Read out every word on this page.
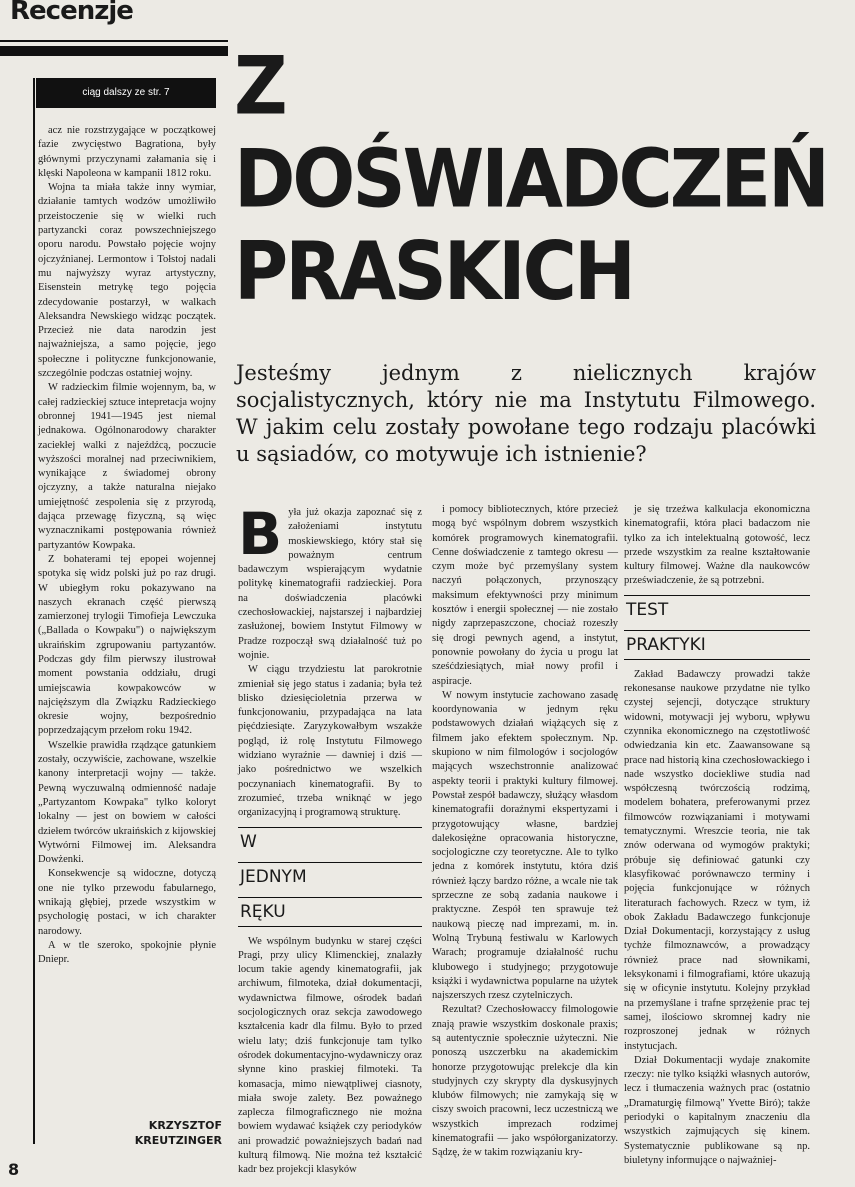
Recenzje
ciąg dalszy ze str. 7

acz nie rozstrzygające w początkowej fazie zwycięstwo Bagrationa, były głównymi przyczynami załamania się i klęski Napoleona w kampanii 1812 roku.

Wojna ta miała także inny wymiar, działanie tamtych wodzów umożliwiło przeistoczenie się w wielki ruch partyzancki coraz powszechniejszego oporu narodu. Powstało pojęcie wojny ojczyźnianej. Lermontow i Tołstoj nadali mu najwyższy wyraz artystyczny, Eisenstein metrykę tego pojęcia zdecydowanie postarzył, w walkach Aleksandra Newskiego widząc początek. Przecież nie data narodzin jest najważniejsza, a samo pojęcie, jego społeczne i polityczne funkcjonowanie, szczególnie podczas ostatniej wojny.

W radzieckim filmie wojennym, ba, w całej radzieckiej sztuce intepretacja wojny obronnej 1941—1945 jest niemal jednakowa. Ogólnonarodowy charakter zaciekłej walki z najeźdźcą, poczucie wyższości moralnej nad przeciwnikiem, wynikające z świadomej obrony ojczyzny, a także naturalna niejako umiejętność zespolenia się z przyrodą, dająca przewagę fizyczną, są więc wyznacznikami postępowania również partyzantów Kowpaka.

Z bohaterami tej epopei wojennej spotyka się widz polski już po raz drugi. W ubiegłym roku pokazywano na naszych ekranach część pierwszą zamierzonej trylogii Timofieja Lewczuka („Ballada o Kowpaku") o największym ukraińskim zgrupowaniu partyzantów. Podczas gdy film pierwszy ilustrował moment powstania oddziału, drugi umiejscawia kowpakowców w najcięższym dla Związku Radzieckiego okresie wojny, bezpośrednio poprzedzającym przełom roku 1942.

Wszelkie prawidła rządzące gatunkiem zostały, oczywiście, zachowane, wszelkie kanony interpretacji wojny — także. Pewną wyczuwalną odmienność nadaje „Partyzantom Kowpaka" tylko koloryt lokalny — jest on bowiem w całości dziełem twórców ukraińskich z kijowskiej Wytwórni Filmowej im. Aleksandra Dowżenki.

Konsekwencje są widoczne, dotyczą one nie tylko przewodu fabularnego, wnikają głębiej, przede wszystkim w psychologię postaci, w ich charakter narodowy.

A w tle szeroko, spokojnie płynie Dniepr.

KRZYSZTOF
KREUTZINGER
8
Z
DOŚWIADCZEŃ
PRASKICH
Jesteśmy jednym z nielicznych krajów socjalistycznych, który nie ma Instytutu Filmowego. W jakim celu zostały powołane tego rodzaju placówki u sąsiadów, co motywuje ich istnienie?
B yła już okazja zapoznać się z założeniami instytutu moskiewskiego, który stał się poważnym centrum badawczym wspierającym wydatnie politykę kinematografii radzieckiej. Pora na doświadczenia placówki czechosłowackiej, najstarszej i najbardziej zasłużonej, bowiem Instytut Filmowy w Pradze rozpoczął swą działalność tuż po wojnie.

W ciągu trzydziestu lat parokrotnie zmieniał się jego status i zadania; była też blisko dziesięcioletnia przerwa w funkcjonowaniu, przypadająca na lata pięćdziesiąte. Zaryzykowałbym wszakże pogląd, iż rolę Instytutu Filmowego widziano wyraźnie — dawniej i dziś — jako pośrednictwo we wszelkich poczynaniach kinematografii. By to zrozumieć, trzeba wniknąć w jego organizacyjną i programową strukturę.

W
JEDNYM
RĘKU

We wspólnym budynku w starej części Pragi, przy ulicy Klimenckiej, znalazły locum takie agendy kinematografii, jak archiwum, filmoteka, dział dokumentacji, wydawnictwa filmowe, ośrodek badań socjologicznych oraz sekcja zawodowego kształcenia kadr dla filmu. Było to przed wielu laty; dziś funkcjonuje tam tylko ośrodek dokumentacyjno-wydawniczy oraz słynne kino praskiej filmoteki. Ta komasacja, mimo niewątpliwej ciasnoty, miała swoje zalety. Bez poważnego zaplecza filmograficznego nie można bowiem wydawać książek czy periodyków ani prowadzić poważniejszych badań nad kulturą filmową. Nie można też kształcić kadr bez projekcji klasyków

i pomocy bibliotecznych, które przecież mogą być wspólnym dobrem wszystkich komórek programowych kinematografii. Cenne doświadczenie z tamtego okresu — czym może być przemyślany system naczyń połączonych, przynoszący maksimum efektywności przy minimum kosztów i energii społecznej — nie zostało nigdy zaprzepaszczone, chociaż rozeszły się drogi pewnych agend, a instytut, ponownie powołany do życia u progu lat sześćdziesiątych, miał nowy profil i aspiracje.

W nowym instytucie zachowano zasadę koordynowania w jednym ręku podstawowych działań wiążących się z filmem jako efektem społecznym. Np. skupiono w nim filmologów i socjologów mających wszechstronnie analizować aspekty teorii i praktyki kultury filmowej. Powstał zespół badawczy, służący własdom kinematografii doraźnymi ekspertyzami i przygotowujący własne, bardziej dalekosiężne opracowania historyczne, socjologiczne czy teoretyczne. Ale to tylko jedna z komórek instytutu, która dziś również łączy bardzo różne, a wcale nie tak sprzeczne ze sobą zadania naukowe i praktyczne. Zespół ten sprawuje też naukową pieczę nad imprezami, m. in. Wolną Trybuną festiwalu w Karlowych Warach; programuje działalność ruchu klubowego i studyjnego; przygotowuje książki i wydawnictwa popularne na użytek najszerszych rzesz czytelniczych.

Rezultat? Czechosłowaccy filmologowie znają prawie wszystkim doskonale praxis; są autentycznie społecznie użyteczni. Nie ponoszą uszczerbku na akademickim honorze przygotowując prelekcje dla kin studyjnych czy skrypty dla dyskusyjnych klubów filmowych; nie zamykają się w ciszy swoich pracowni, lecz uczestniczą we wszystkich imprezach rodzimej kinematografii — jako współorganizatorzy. Sądzę, że w takim rozwiązaniu kry-

je się trzeźwa kalkulacja ekonomiczna kinematografii, która płaci badaczom nie tylko za ich intelektualną gotowość, lecz przede wszystkim za realne kształtowanie kultury filmowej. Ważne dla naukowców przeświadczenie, że są potrzebni.

TEST
PRAKTYKI

Zakład Badawczy prowadzi także rekonesanse naukowe przydatne nie tylko czystej sejencji, dotyczące struktury widowni, motywacji jej wyboru, wpływu czynnika ekonomicznego na częstotliwość odwiedzania kin etc. Zaawansowane są prace nad historią kina czechosłowackiego i nade wszystko dociekliwe studia nad współczesną twórczością rodzimą, modelem bohatera, preferowanymi przez filmowców rozwiązaniami i motywami tematycznymi. Wreszcie teoria, nie tak znów oderwana od wymogów praktyki; próbuje się definiować gatunki czy klasyfikować porównawczo terminy i pojęcia funkcjonujące w różnych literaturach fachowych. Rzecz w tym, iż obok Zakładu Badawczego funkcjonuje Dział Dokumentacji, korzystający z usług tychże filmoznawców, a prowadzący również prace nad słownikami, leksykonami i filmografiami, które ukazują się w oficynie instytutu. Kolejny przykład na przemyślane i trafne sprzężenie prac tej samej, ilościowo skromnej kadry nie rozproszonej jednak w różnych instytucjach.

Dział Dokumentacji wydaje znakomite rzeczy: nie tylko książki własnych autorów, lecz i tłumaczenia ważnych prac (ostatnio „Dramaturgię filmową" Yvette Biró); także periodyki o kapitalnym znaczeniu dla wszystkich zajmujących się kinem. Systematycznie publikowane są np. biuletyny informujące o najważniej-
